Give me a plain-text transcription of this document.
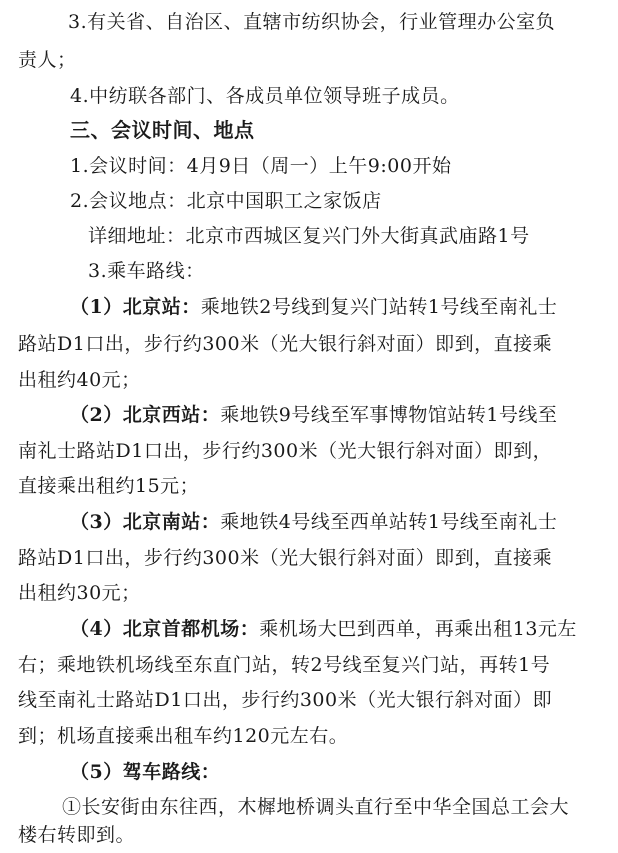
3.有关省、自治区、直辖市纺织协会，行业管理办公室负
责人；
4.中纺联各部门、各成员单位领导班子成员。
三、会议时间、地点
1.会议时间：4月9日（周一）上午9:00开始
2.会议地点：北京中国职工之家饭店
详细地址：北京市西城区复兴门外大街真武庙路1号
3.乘车路线：
（1）北京站：乘地铁2号线到复兴门站转1号线至南礼士
路站D1口出，步行约300米（光大银行斜对面）即到，直接乘
出租约40元；
（2）北京西站：乘地铁9号线至军事博物馆站转1号线至
南礼士路站D1口出，步行约300米（光大银行斜对面）即到，
直接乘出租约15元；
（3）北京南站：乘地铁4号线至西单站转1号线至南礼士
路站D1口出，步行约300米（光大银行斜对面）即到，直接乘
出租约30元；
（4）北京首都机场：乘机场大巴到西单，再乘出租13元左
右；乘地铁机场线至东直门站，转2号线至复兴门站，再转1号
线至南礼士路站D1口出，步行约300米（光大银行斜对面）即
到；机场直接乘出租车约120元左右。
（5）驾车路线：
①长安街由东往西，木樨地桥调头直行至中华全国总工会大
楼右转即到。
